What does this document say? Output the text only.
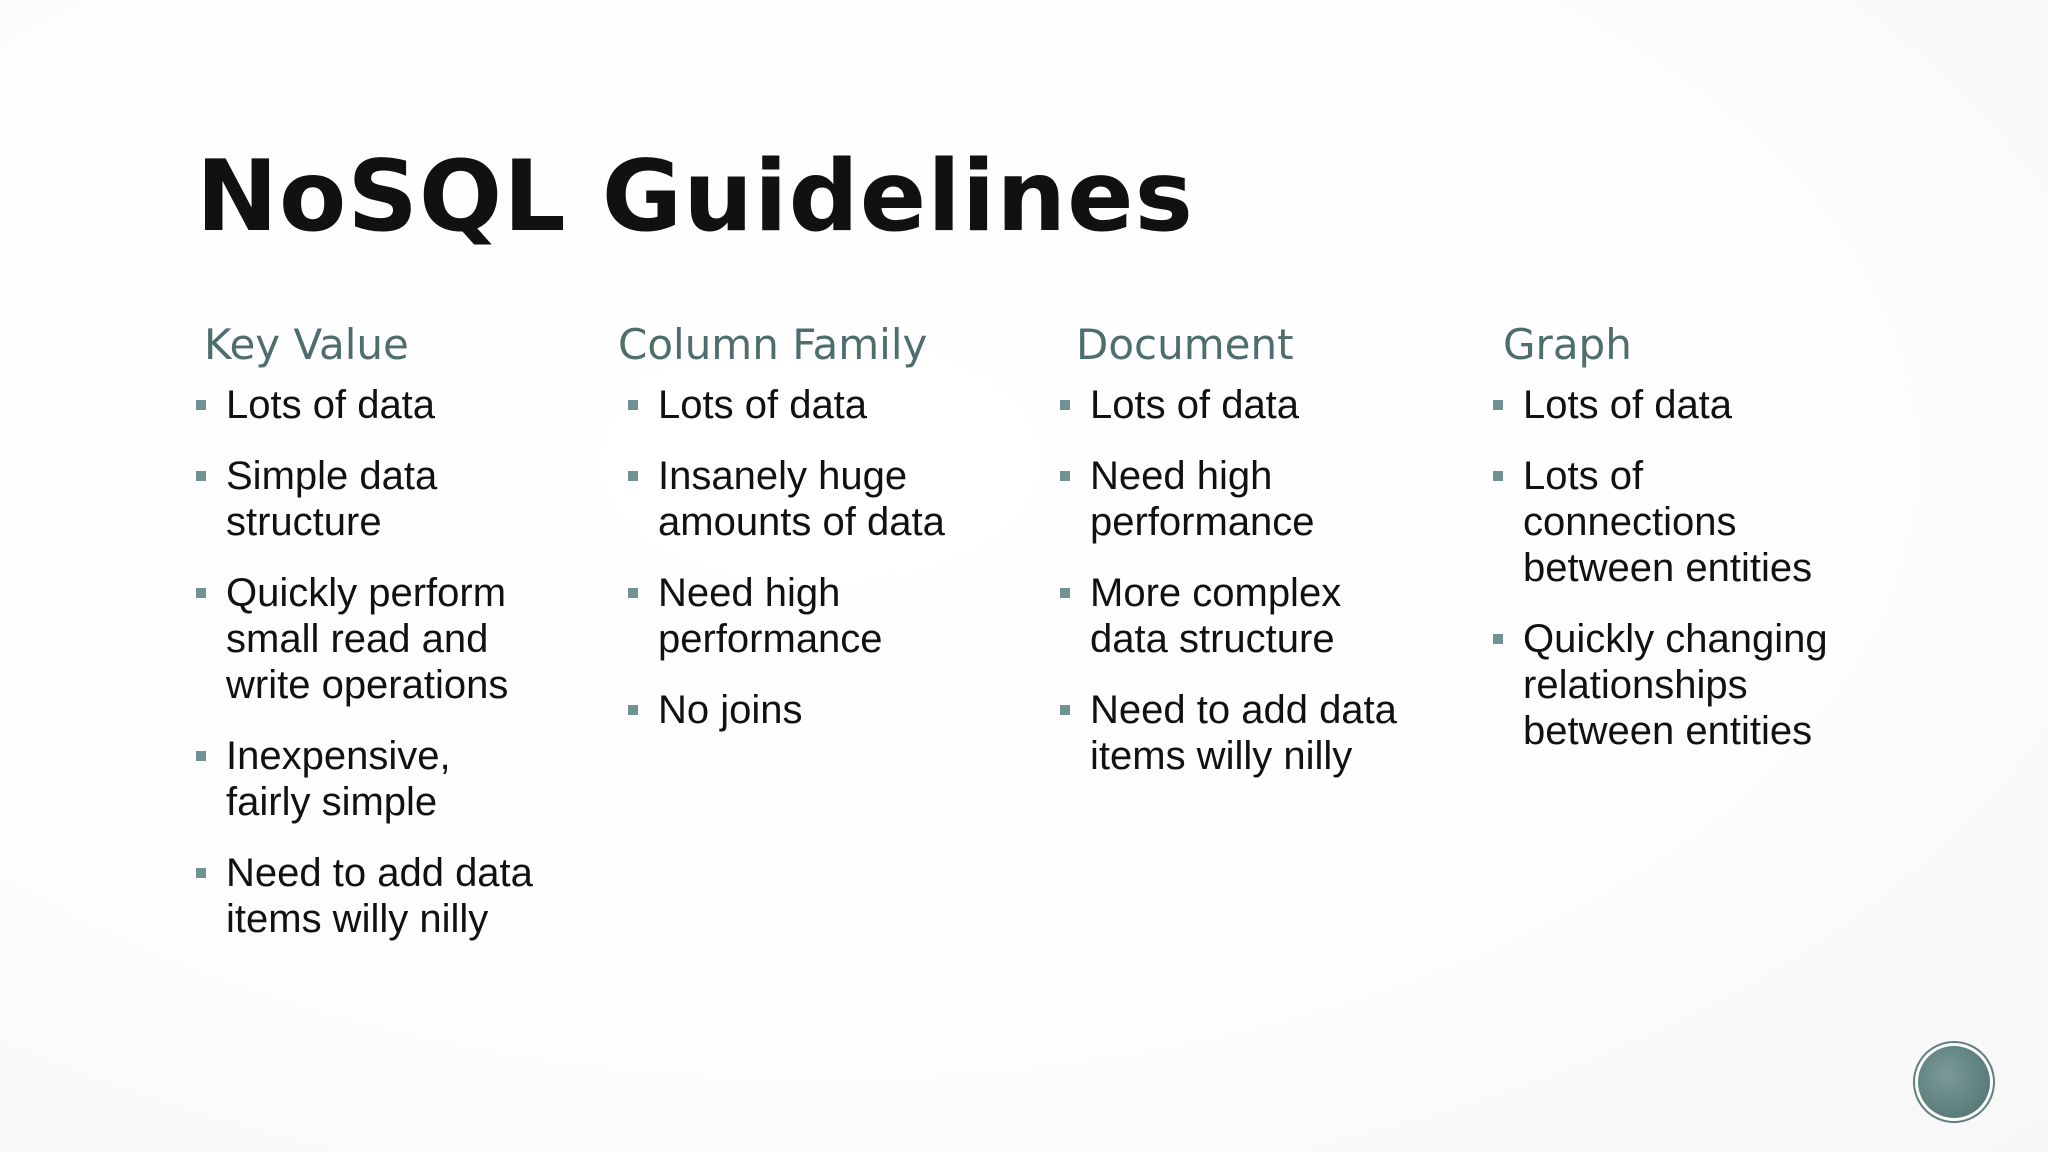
NoSQL Guidelines
Key Value
Lots of data
Simple data structure
Quickly perform small read and write operations
Inexpensive, fairly simple
Need to add data items willy nilly
Column Family
Lots of data
Insanely huge amounts of data
Need high performance
No joins
Document
Lots of data
Need high performance
More complex data structure
Need to add data items willy nilly
Graph
Lots of data
Lots of connections between entities
Quickly changing relationships between entities
